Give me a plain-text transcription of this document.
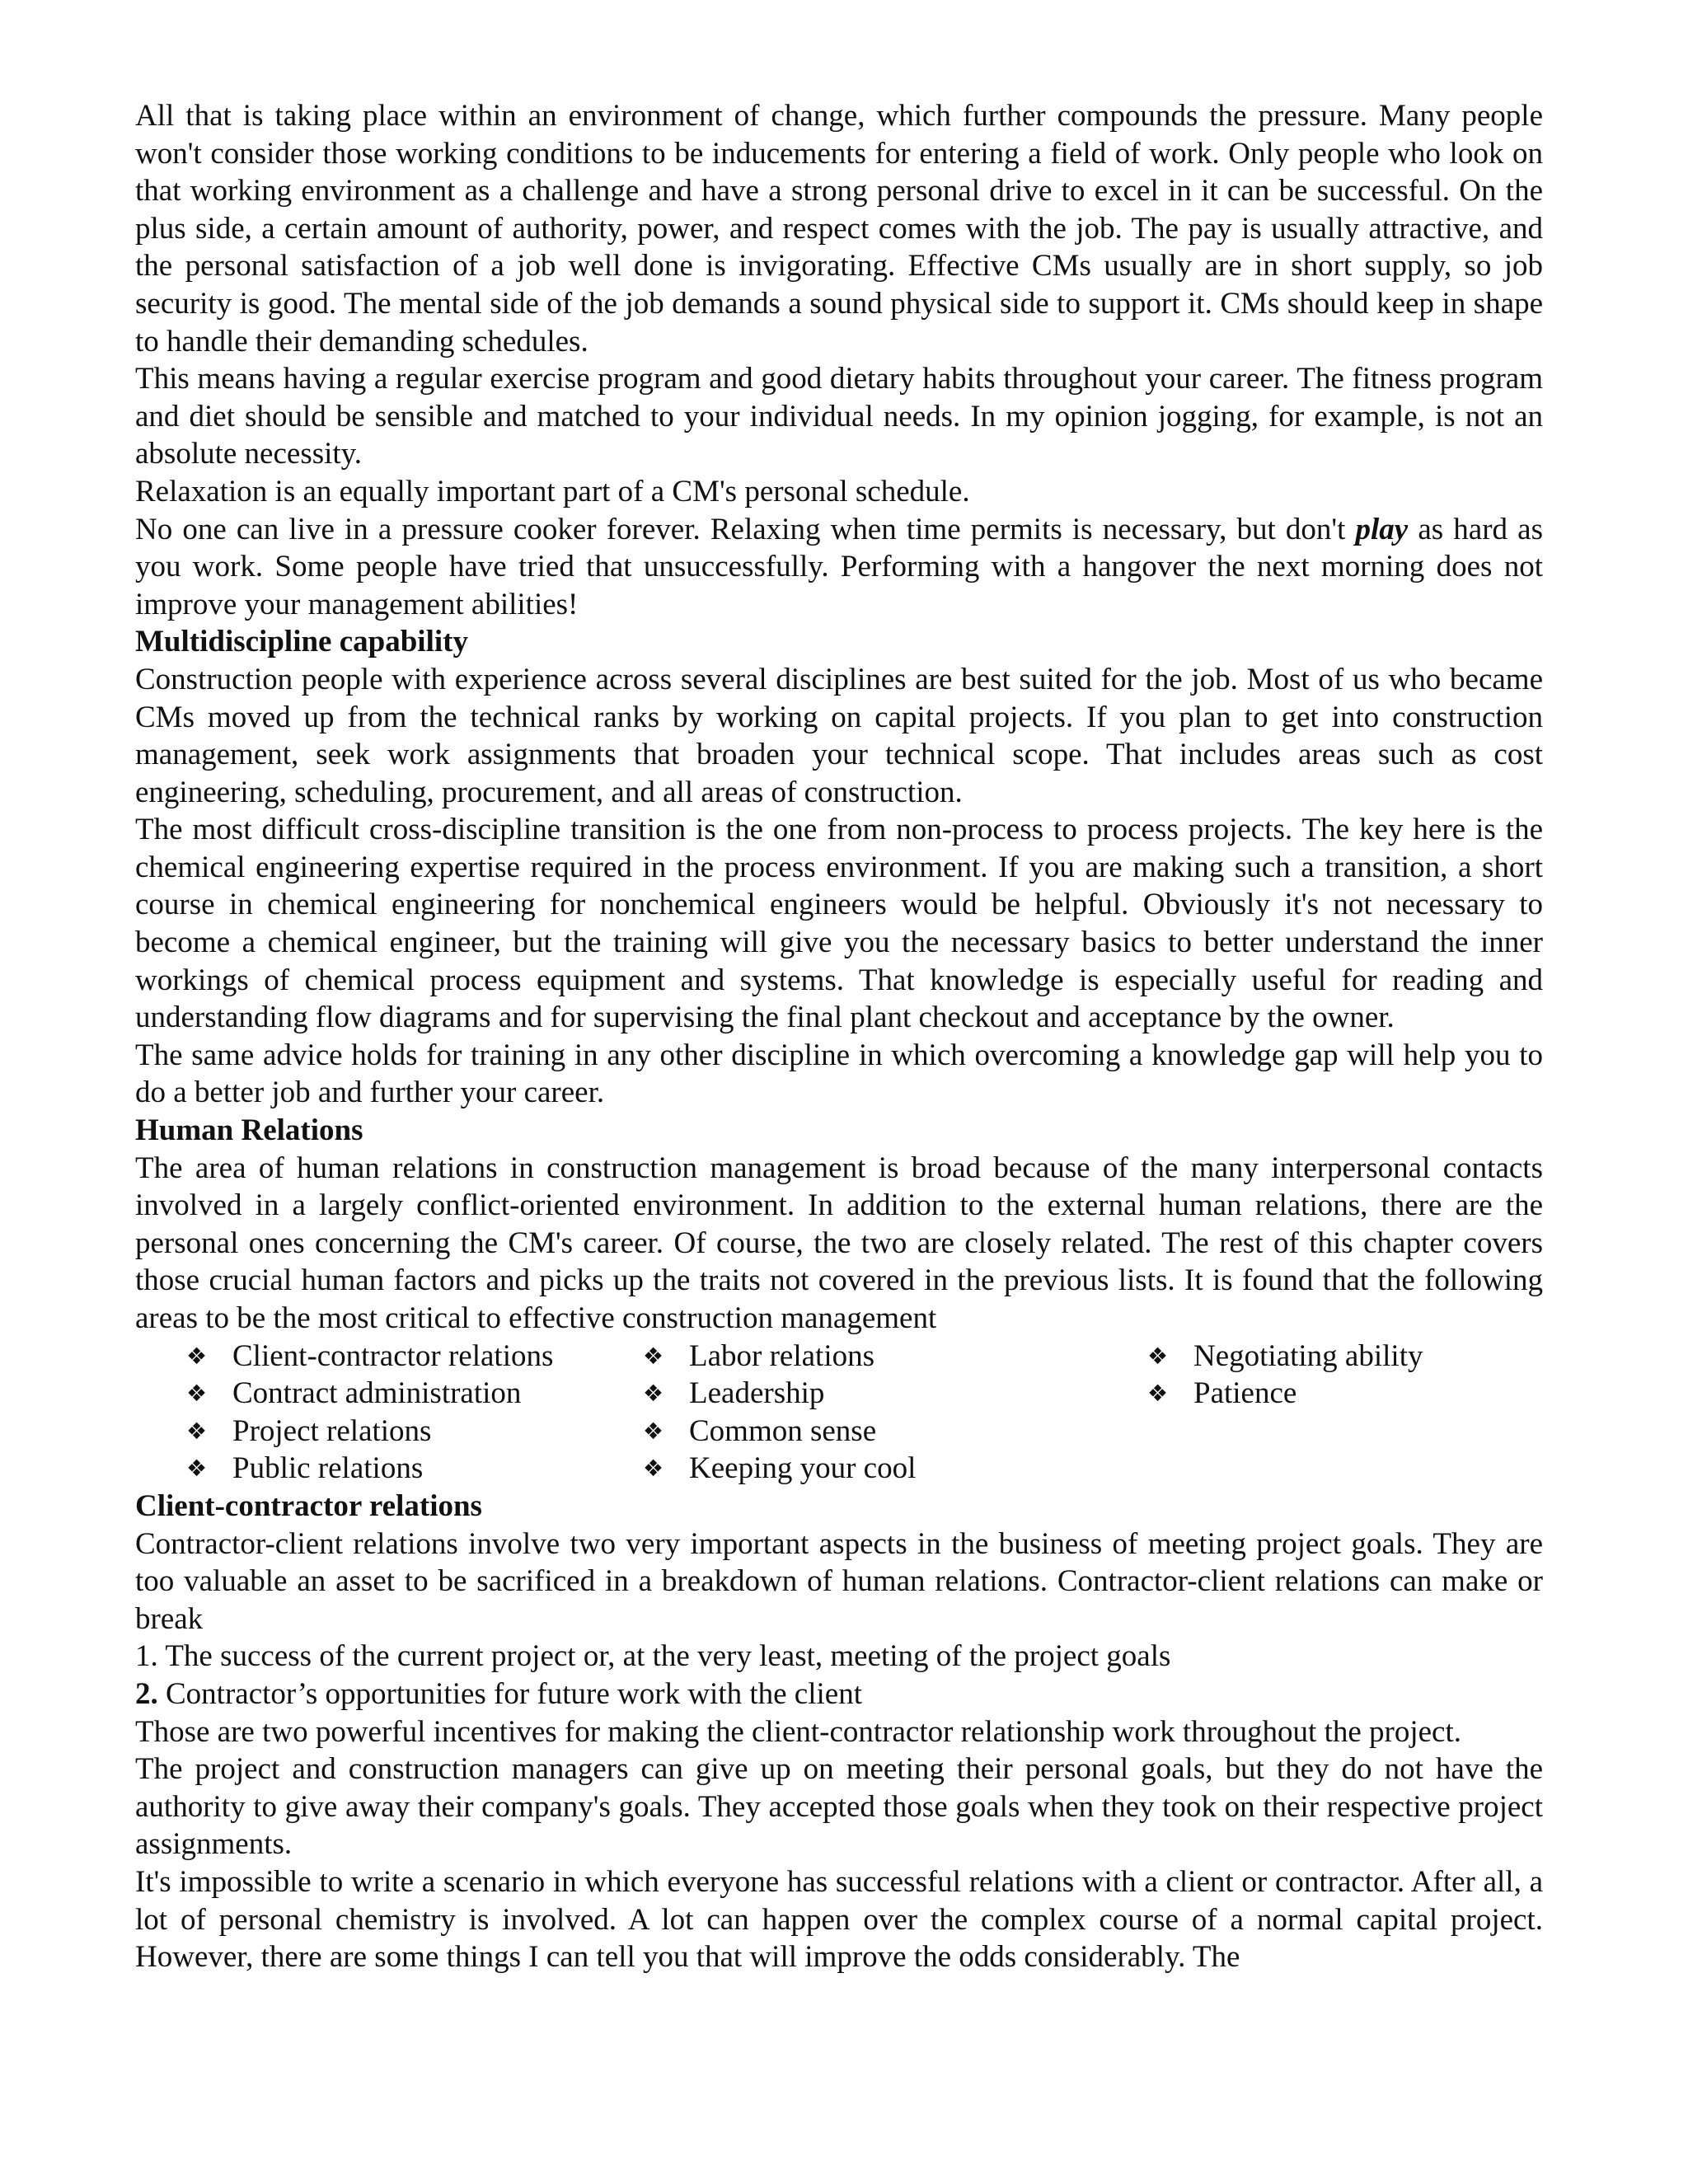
All that is taking place within an environment of change, which further compounds the pressure. Many people won't consider those working conditions to be inducements for entering a field of work. Only people who look on that working environment as a challenge and have a strong personal drive to excel in it can be successful. On the plus side, a certain amount of authority, power, and respect comes with the job. The pay is usually attractive, and the personal satisfaction of a job well done is invigorating. Effective CMs usually are in short supply, so job security is good. The mental side of the job demands a sound physical side to support it. CMs should keep in shape to handle their demanding schedules.

This means having a regular exercise program and good dietary habits throughout your career. The fitness program and diet should be sensible and matched to your individual needs. In my opinion jogging, for example, is not an absolute necessity.

Relaxation is an equally important part of a CM's personal schedule.

No one can live in a pressure cooker forever. Relaxing when time permits is necessary, but don't play as hard as you work. Some people have tried that unsuccessfully. Performing with a hangover the next morning does not improve your management abilities!

Multidiscipline capability

Construction people with experience across several disciplines are best suited for the job. Most of us who became CMs moved up from the technical ranks by working on capital projects. If you plan to get into construction management, seek work assignments that broaden your technical scope. That includes areas such as cost engineering, scheduling, procurement, and all areas of construction.

The most difficult cross-discipline transition is the one from non-process to process projects. The key here is the chemical engineering expertise required in the process environment. If you are making such a transition, a short course in chemical engineering for nonchemical engineers would be helpful. Obviously it's not necessary to become a chemical engineer, but the training will give you the necessary basics to better understand the inner workings of chemical process equipment and systems. That knowledge is especially useful for reading and understanding flow diagrams and for supervising the final plant checkout and acceptance by the owner.

The same advice holds for training in any other discipline in which overcoming a knowledge gap will help you to do a better job and further your career.

Human Relations

The area of human relations in construction management is broad because of the many interpersonal contacts involved in a largely conflict-oriented environment. In addition to the external human relations, there are the personal ones concerning the CM's career. Of course, the two are closely related. The rest of this chapter covers those crucial human factors and picks up the traits not covered in the previous lists. It is found that the following areas to be the most critical to effective construction management

❖ Client-contractor relations
❖ Contract administration
❖ Project relations
❖ Public relations
❖ Labor relations
❖ Leadership
❖ Common sense
❖ Keeping your cool
❖ Negotiating ability
❖ Patience

Client-contractor relations

Contractor-client relations involve two very important aspects in the business of meeting project goals. They are too valuable an asset to be sacrificed in a breakdown of human relations. Contractor-client relations can make or break

1. The success of the current project or, at the very least, meeting of the project goals

2. Contractor’s opportunities for future work with the client

Those are two powerful incentives for making the client-contractor relationship work throughout the project.

The project and construction managers can give up on meeting their personal goals, but they do not have the authority to give away their company's goals. They accepted those goals when they took on their respective project assignments.

It's impossible to write a scenario in which everyone has successful relations with a client or contractor. After all, a lot of personal chemistry is involved. A lot can happen over the complex course of a normal capital project. However, there are some things I can tell you that will improve the odds considerably. The
